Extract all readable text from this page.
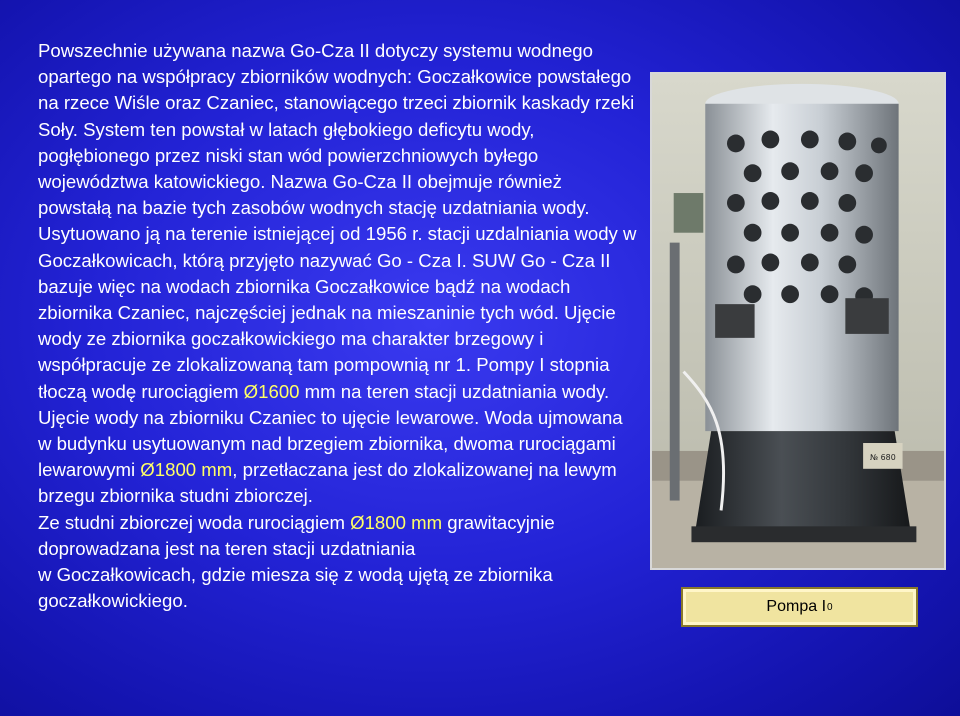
Powszechnie używana nazwa Go-Cza II dotyczy systemu wodnego opartego na współpracy zbiorników wodnych: Goczałkowice powstałego na rzece Wiśle oraz Czaniec, stanowiącego trzeci zbiornik kaskady rzeki Soły. System ten powstał w latach głębokiego deficytu wody, pogłębionego przez niski stan wód powierzchniowych byłego województwa katowickiego. Nazwa Go-Cza II obejmuje również powstałą na bazie tych zasobów wodnych stację uzdatniania wody. Usytuowano ją na terenie istniejącej od 1956 r. stacji uzdalniania wody w Goczałkowicach, którą przyjęto nazywać Go - Cza I. SUW Go - Cza II bazuje więc na wodach zbiornika Goczałkowice bądź na wodach zbiornika Czaniec, najczęściej jednak na mieszaninie tych wód. Ujęcie wody ze zbiornika goczałkowickiego ma charakter brzegowy i współpracuje ze zlokalizowaną tam pompownią nr 1. Pompy I stopnia tłoczą wodę rurociągiem Ø1600 mm na teren stacji uzdatniania wody. Ujęcie wody na zbiorniku Czaniec to ujęcie lewarowe. Woda ujmowana w budynku usytuowanym nad brzegiem zbiornika, dwoma rurociągami lewarowymi Ø1800 mm, przetłaczana jest do zlokalizowanej na lewym brzegu zbiornika studni zbiorczej.

Ze studni zbiorczej woda rurociągiem Ø1800 mm grawitacyjnie doprowadzana jest na teren stacji uzdatniania

w Goczałkowicach, gdzie miesza się z wodą ujętą ze zbiornika goczałkowickiego.

№ 680
Pompa I 0
